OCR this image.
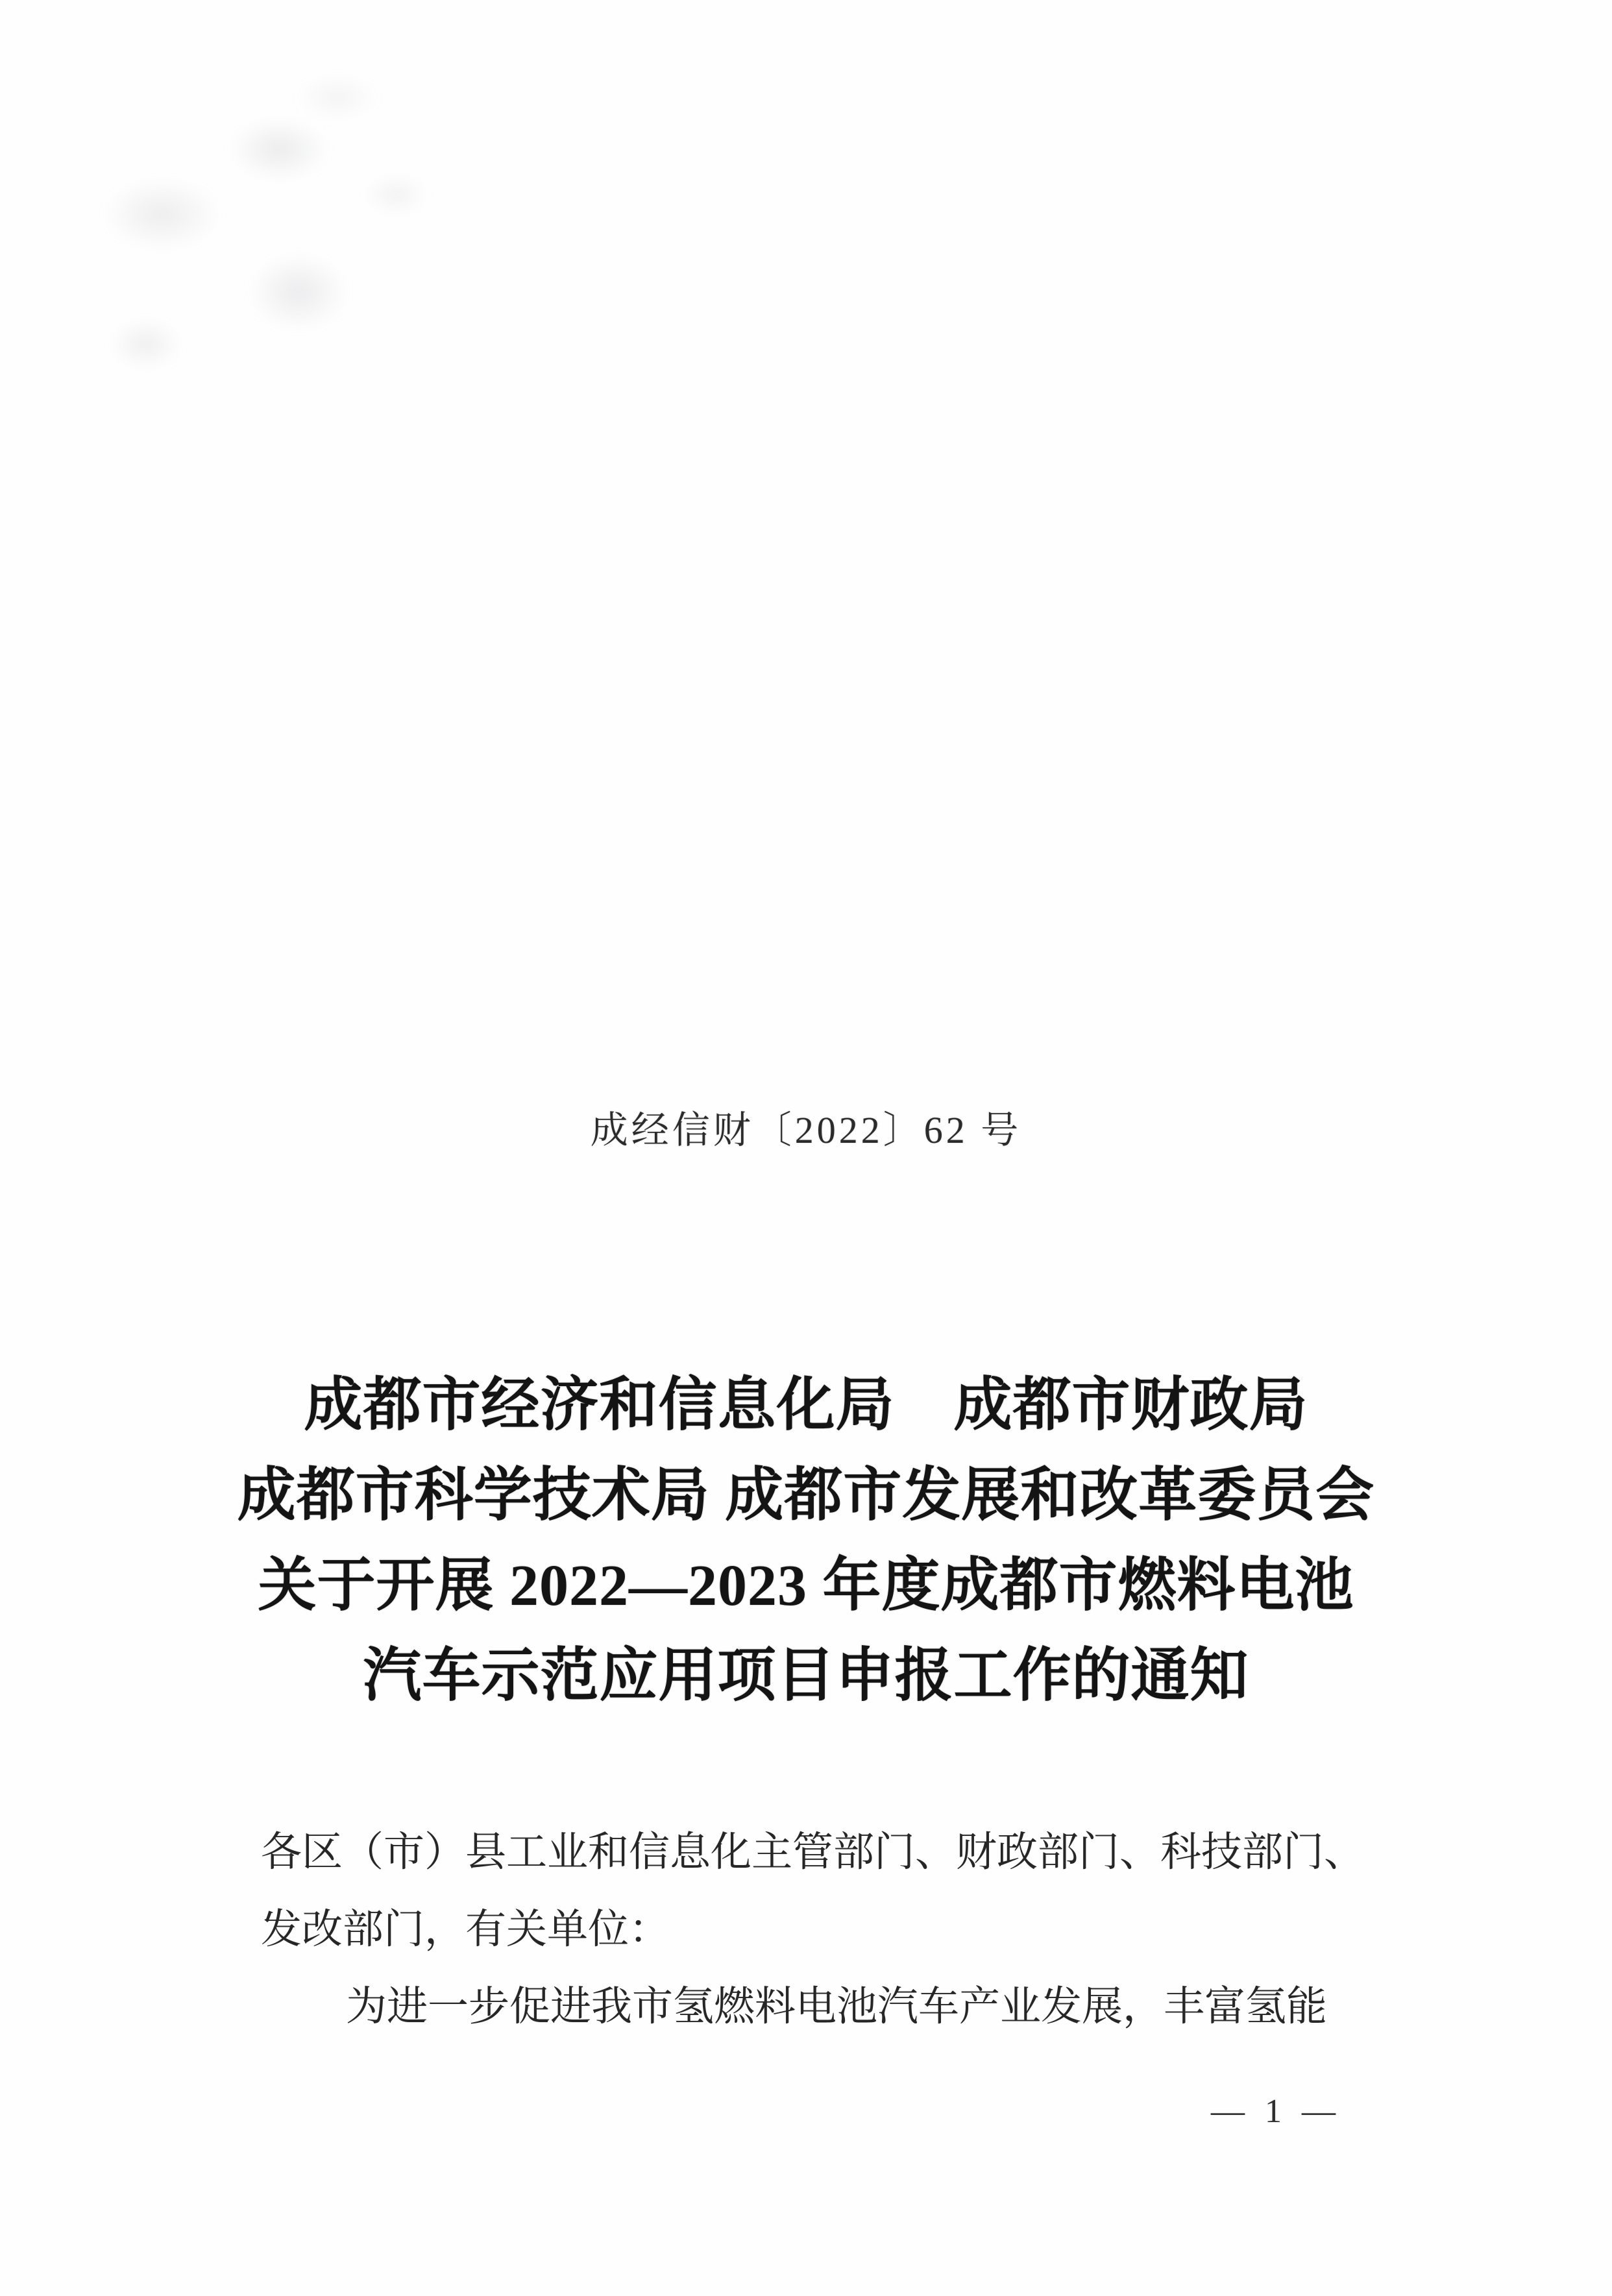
成经信财〔2022〕62 号
成都市经济和信息化局　成都市财政局
成都市科学技术局 成都市发展和改革委员会
关于开展 2022—2023 年度成都市燃料电池
汽车示范应用项目申报工作的通知
各区（市）县工业和信息化主管部门、财政部门、科技部门、
发改部门，有关单位：
为进一步促进我市氢燃料电池汽车产业发展，丰富氢能
— 1 —
